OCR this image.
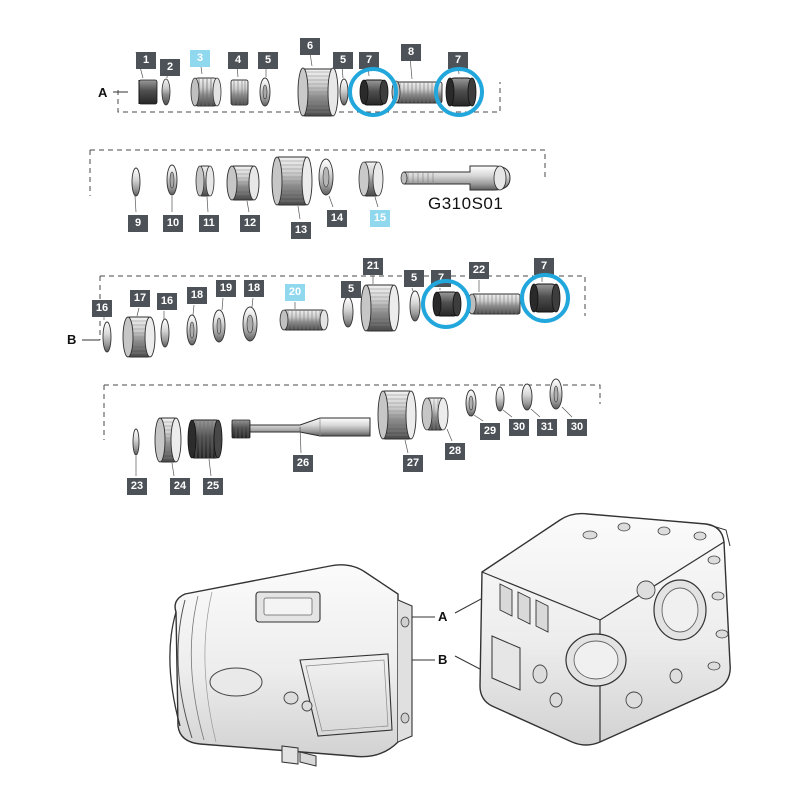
1
2
3	4	5
6
5	7
8
7
9	10	11	12
13
14	15
16
17	16	18
19	18	20	5
21
5	7
22	7
23	24	25
26	27
28
29	30	31	30
A
B
A
B
G310S01
